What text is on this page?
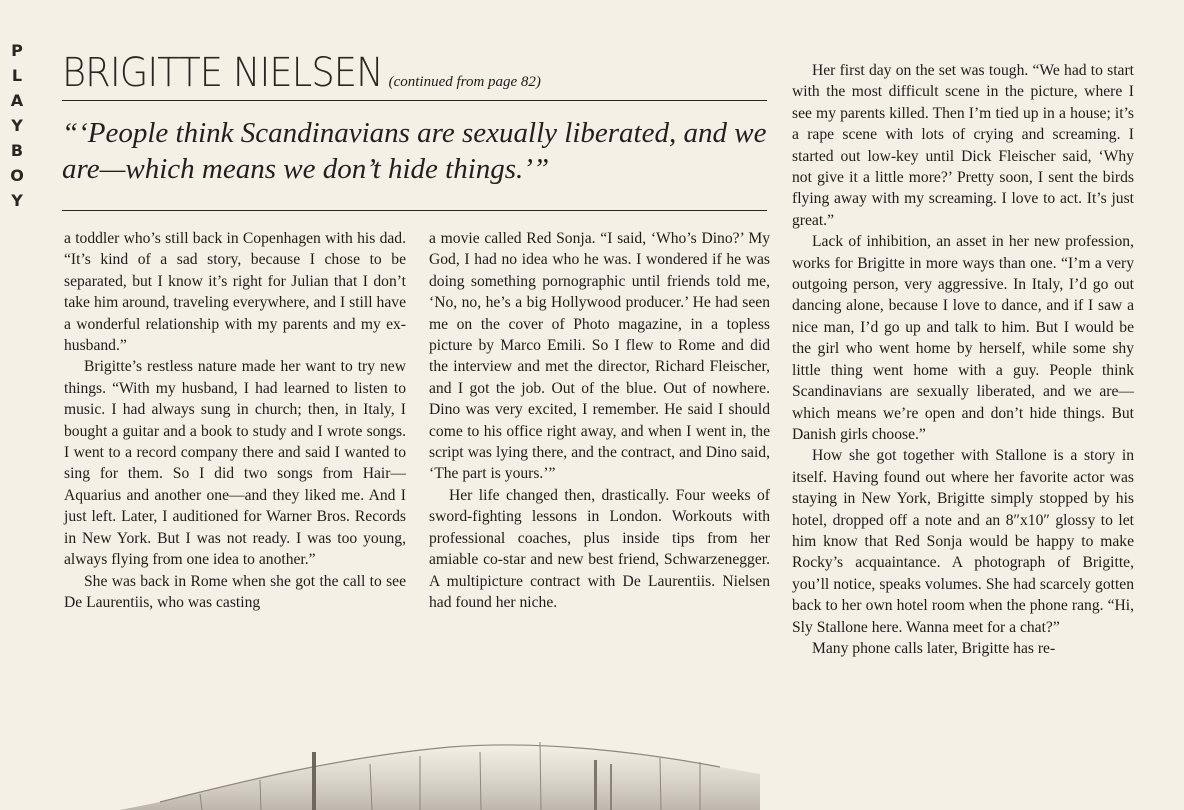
P
L
A
Y
B
O
Y
BRIGITTE NIELSEN (continued from page 82)
“‘People think Scandinavians are sexually liberated, and we are—which means we don’t hide things.’”

a toddler who’s still back in Copenhagen with his dad. “It’s kind of a sad story, because I chose to be separated, but I know it’s right for Julian that I don’t take him around, traveling everywhere, and I still have a wonderful relationship with my parents and my ex-husband.”

Brigitte’s restless nature made her want to try new things. “With my husband, I had learned to listen to music. I had always sung in church; then, in Italy, I bought a guitar and a book to study and I wrote songs. I went to a record company there and said I wanted to sing for them. So I did two songs from Hair—Aquarius and another one—and they liked me. And I just left. Later, I auditioned for Warner Bros. Records in New York. But I was not ready. I was too young, always flying from one idea to another.”

She was back in Rome when she got the call to see De Laurentiis, who was casting

a movie called Red Sonja. “I said, ‘Who’s Dino?’ My God, I had no idea who he was. I wondered if he was doing something pornographic until friends told me, ‘No, no, he’s a big Hollywood producer.’ He had seen me on the cover of Photo magazine, in a topless picture by Marco Emili. So I flew to Rome and did the interview and met the director, Richard Fleischer, and I got the job. Out of the blue. Out of nowhere. Dino was very excited, I remember. He said I should come to his office right away, and when I went in, the script was lying there, and the contract, and Dino said, ‘The part is yours.’”

Her life changed then, drastically. Four weeks of sword-fighting lessons in London. Workouts with professional coaches, plus inside tips from her amiable co-star and new best friend, Schwarzenegger. A multipicture contract with De Laurentiis. Nielsen had found her niche.

Her first day on the set was tough. “We had to start with the most difficult scene in the picture, where I see my parents killed. Then I’m tied up in a house; it’s a rape scene with lots of crying and screaming. I started out low-key until Dick Fleischer said, ‘Why not give it a little more?’ Pretty soon, I sent the birds flying away with my screaming. I love to act. It’s just great.”

Lack of inhibition, an asset in her new profession, works for Brigitte in more ways than one. “I’m a very outgoing person, very aggressive. In Italy, I’d go out dancing alone, because I love to dance, and if I saw a nice man, I’d go up and talk to him. But I would be the girl who went home by herself, while some shy little thing went home with a guy. People think Scandinavians are sexually liberated, and we are—which means we’re open and don’t hide things. But Danish girls choose.”

How she got together with Stallone is a story in itself. Having found out where her favorite actor was staying in New York, Brigitte simply stopped by his hotel, dropped off a note and an 8″x10″ glossy to let him know that Red Sonja would be happy to make Rocky’s acquaintance. A photograph of Brigitte, you’ll notice, speaks volumes. She had scarcely gotten back to her own hotel room when the phone rang. “Hi, Sly Stallone here. Wanna meet for a chat?”

Many phone calls later, Brigitte has re-
